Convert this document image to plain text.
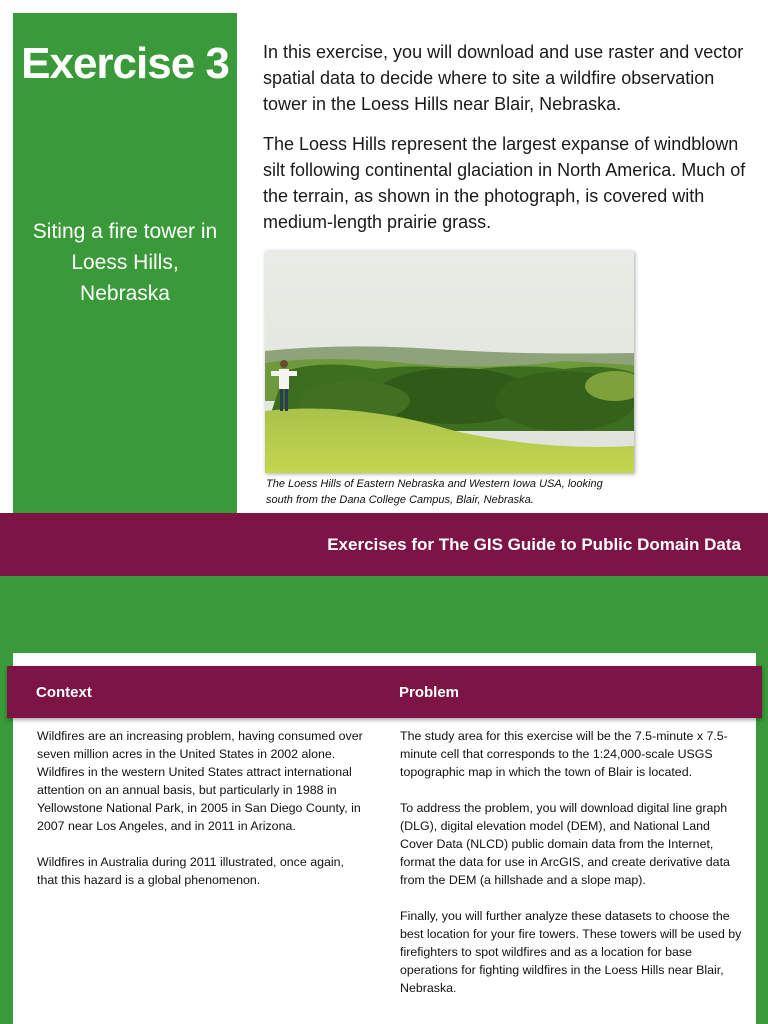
Exercise 3
Siting a fire tower in Loess Hills, Nebraska

In this exercise, you will download and use raster and vector spatial data to decide where to site a wildfire observation tower in the Loess Hills near Blair, Nebraska.

The Loess Hills represent the largest expanse of windblown silt following continental glaciation in North America. Much of the terrain, as shown in the photograph, is covered with medium-length prairie grass.

The Loess Hills of Eastern Nebraska and Western Iowa USA, looking south from the Dana College Campus, Blair, Nebraska.
Exercises for The GIS Guide to Public Domain Data
Context	Problem

Wildfires are an increasing problem, having consumed over seven million acres in the United States in 2002 alone. Wildfires in the western United States attract international attention on an annual basis, but particularly in 1988 in Yellowstone National Park, in 2005 in San Diego County, in 2007 near Los Angeles, and in 2011 in Arizona.

Wildfires in Australia during 2011 illustrated, once again, that this hazard is a global phenomenon.

The study area for this exercise will be the 7.5-minute x 7.5-minute cell that corresponds to the 1:24,000-scale USGS topographic map in which the town of Blair is located.

To address the problem, you will download digital line graph (DLG), digital elevation model (DEM), and National Land Cover Data (NLCD) public domain data from the Internet, format the data for use in ArcGIS, and create derivative data from the DEM (a hillshade and a slope map).

Finally, you will further analyze these datasets to choose the best location for your fire towers. These towers will be used by firefighters to spot wildfires and as a location for base operations for fighting wildfires in the Loess Hills near Blair, Nebraska.
